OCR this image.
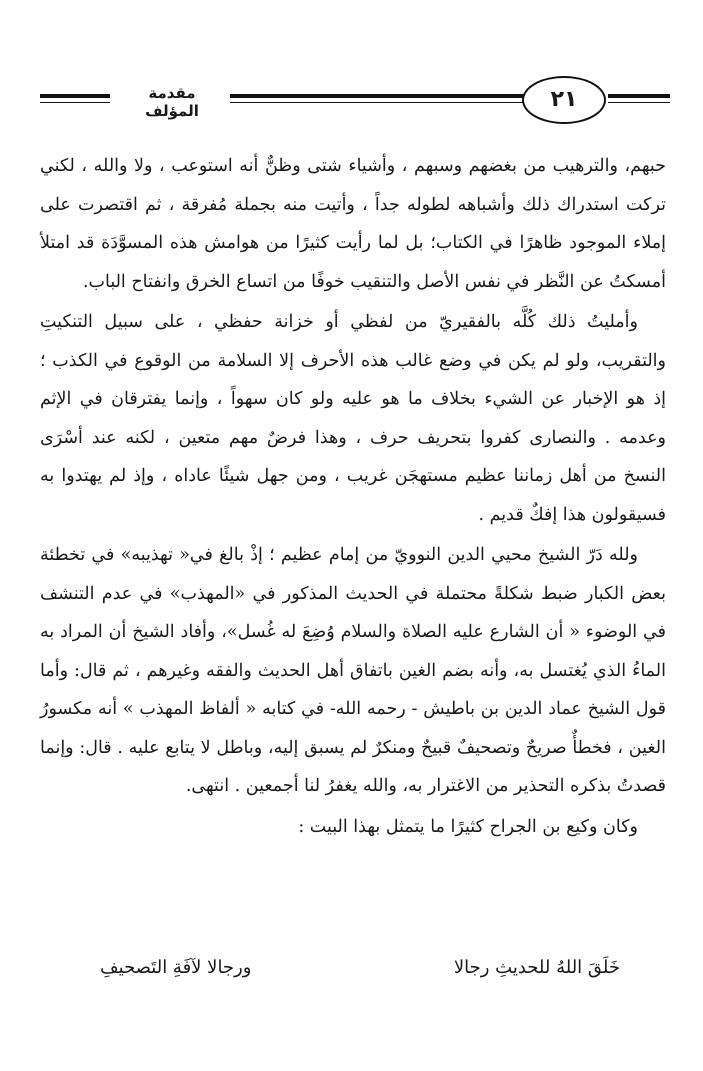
مقدمة المؤلف	٢١

حبهم، والترهيب من بغضهم وسبهم ، وأشياء شتى وظنٌّ أنه استوعب ، ولا والله ، لكني تركت استدراك ذلك وأشباهه لطوله جداً ، وأتيت منه بجملة مُفرقة ، ثم اقتصرت على إملاء الموجود ظاهرًا في الكتاب؛ بل لما رأيت كثيرًا من هوامش هذه المسوَّدَة قد امتلأ أمسكتُ عن النَّظر في نفس الأصل والتنقيب خوفًا من اتساع الخرق وانفتاح الباب.

وأمليتُ ذلك كُلَّه بالفقيريّ من لفظي أو خزانة حفظي ، على سبيل التنكيتِ والتقريب، ولو لم يكن في وضع غالب هذه الأحرف إلا السلامة من الوقوع في الكذب ؛ إذ هو الإخبار عن الشيء بخلاف ما هو عليه ولو كان سهواً ، وإنما يفترقان في الإثم وعدمه . والنصارى كفروا بتحريف حرف ، وهذا فرضٌ مهم متعين ، لكنه عند أسْرَى النسخ من أهل زماننا عظيم مستهجَن غريب ، ومن جهل شيئًا عاداه ، وإذ لم يهتدوا به فسيقولون هذا إفكٌ قديم .

ولله دَرّ الشيخ محيي الدين النوويّ من إمام عظيم ؛ إذْ بالغ في« تهذيبه» في تخطئة بعض الكبار ضبط شكلةً محتملة في الحديث المذكور في «المهذب» في عدم التنشف في الوضوء « أن الشارع عليه الصلاة والسلام وُضِعَ له غُسل»، وأفاد الشيخ أن المراد به الماءُ الذي يُغتسل به، وأنه بضم الغين باتفاق أهل الحديث والفقه وغيرهم ، ثم قال: وأما قول الشيخ عماد الدين بن باطيش - رحمه الله- في كتابه « ألفاظ المهذب » أنه مكسورُ الغين ، فخطأٌ صريحٌ وتصحيفٌ قبيحٌ ومنكرٌ لم يسبق إليه، وباطل لا يتابع عليه . قال: وإنما قصدتُ بذكره التحذير من الاغترار به، والله يغفرُ لنا أجمعين . انتهى.

وكان وكيع بن الجراح كثيرًا ما يتمثل بهذا البيت :

خَلَقَ اللهُ للحديثِ رجالا
ورجالا لآفَةِ التَصحيفِ
